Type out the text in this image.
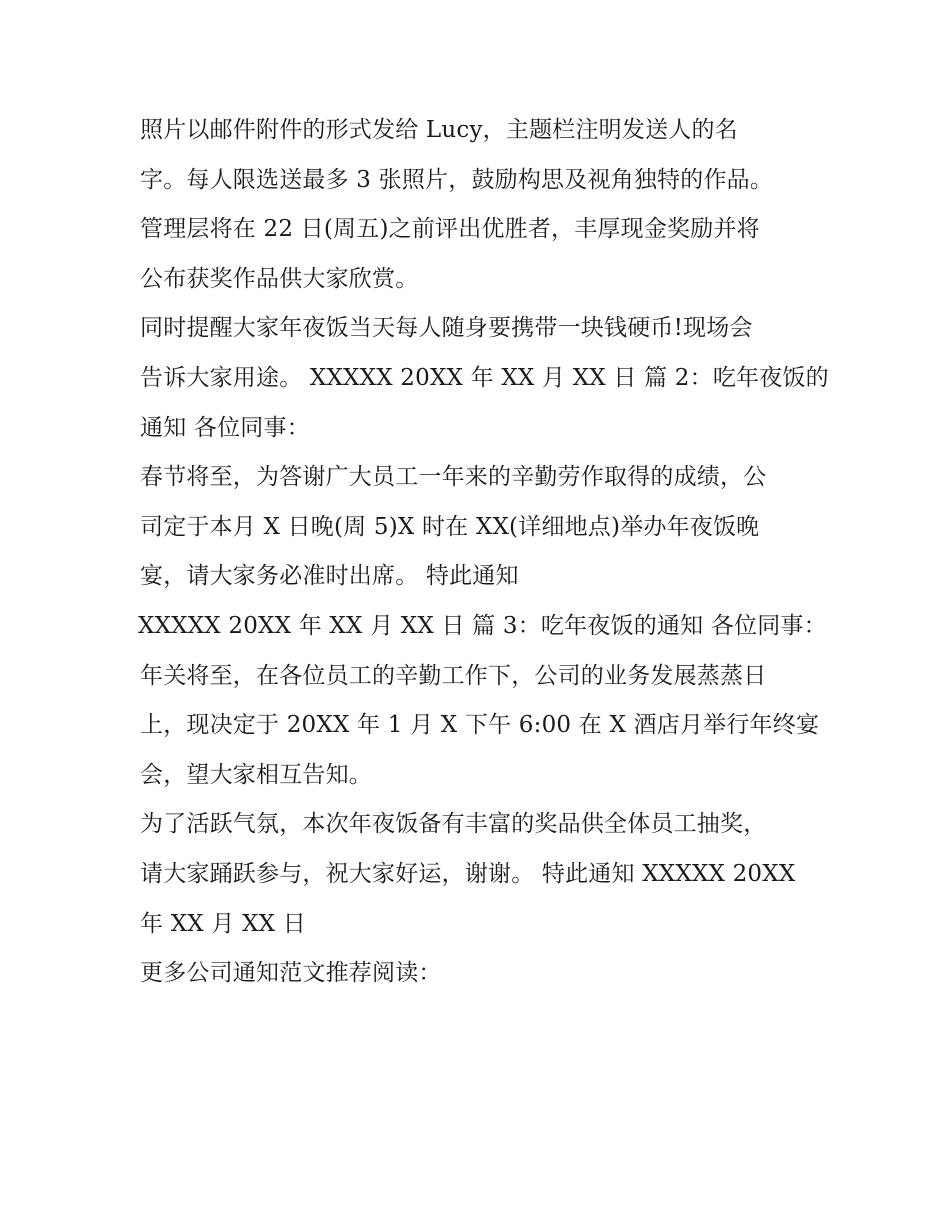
照片以邮件附件的形式发给 Lucy，主题栏注明发送人的名
字。每人限选送最多 3 张照片，鼓励构思及视角独特的作品。
管理层将在 22 日(周五)之前评出优胜者，丰厚现金奖励并将
公布获奖作品供大家欣赏。
同时提醒大家年夜饭当天每人随身要携带一块钱硬币!现场会
告诉大家用途。 XXXXX 20XX 年 XX 月 XX 日 篇 2：吃年夜饭的
通知 各位同事：
春节将至，为答谢广大员工一年来的辛勤劳作取得的成绩，公
司定于本月 X 日晚(周 5)X 时在 XX(详细地点)举办年夜饭晚
宴，请大家务必准时出席。 特此通知
XXXXX 20XX 年 XX 月 XX 日 篇 3：吃年夜饭的通知 各位同事：
年关将至，在各位员工的辛勤工作下，公司的业务发展蒸蒸日
上，现决定于 20XX 年 1 月 X 下午 6:00 在 X 酒店月举行年终宴
会，望大家相互告知。
为了活跃气氛，本次年夜饭备有丰富的奖品供全体员工抽奖，
请大家踊跃参与，祝大家好运，谢谢。 特此通知 XXXXX 20XX
年 XX 月 XX 日
更多公司通知范文推荐阅读：
